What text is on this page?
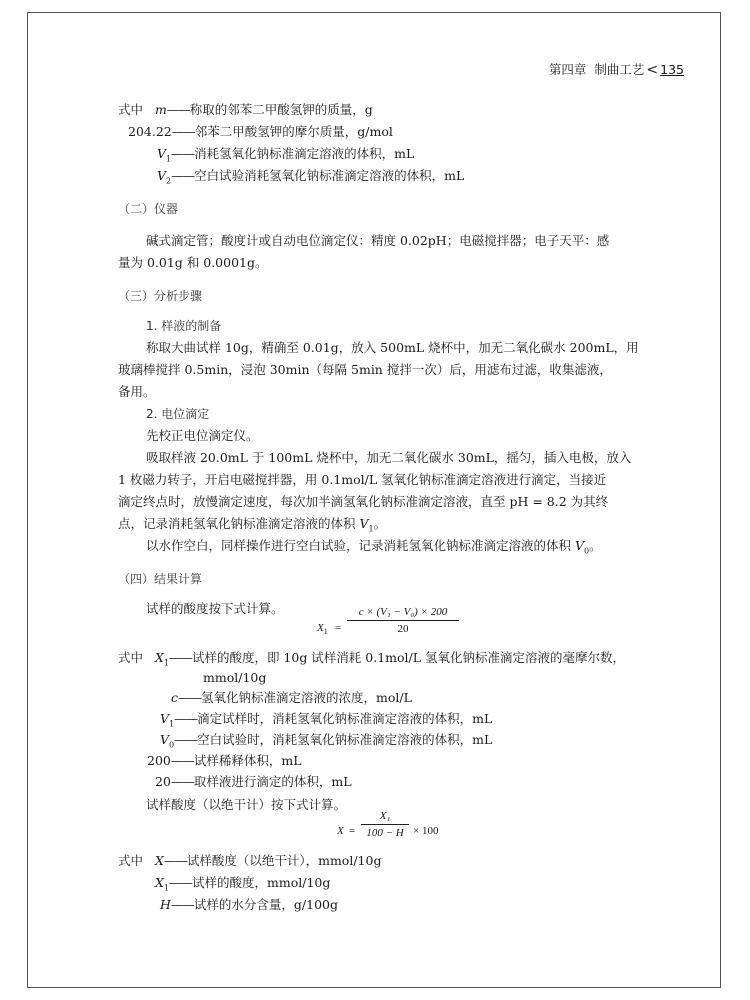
第四章 制曲工艺 < 135
式中 m——称取的邻苯二甲酸氢钾的质量，g
204.22——邻苯二甲酸氢钾的摩尔质量，g/mol
$V_1——$消耗氢氧化钠标准滴定溶液的体积，mL
$V_2——$空白试验消耗氢氧化钠标准滴定溶液的体积，mL
（二）仪器
碱式滴定管；酸度计或自动电位滴定仪：精度 0.02pH；电磁搅拌器；电子天平：感
量为 0.01g 和 0.0001g。
（三）分析步骤
1. 样液的制备
称取大曲试样 10g，精确至 0.01g，放入 500mL 烧杯中，加无二氧化碳水 200mL，用
玻璃棒搅拌 0.5min，浸泡 30min（每隔 5min 搅拌一次）后，用滤布过滤，收集滤液，
备用。
2. 电位滴定
先校正电位滴定仪。
吸取样液 20.0mL 于 100mL 烧杯中，加无二氧化碳水 30mL，摇匀，插入电极，放入
1 枚磁力转子，开启电磁搅拌器，用 0.1mol/L 氢氧化钠标准滴定溶液进行滴定，当接近
滴定终点时，放慢滴定速度，每次加半滴氢氧化钠标准滴定溶液，直至 pH = 8.2 为其终
点，记录消耗氢氧化钠标准滴定溶液的体积 $V_1$。
以水作空白，同样操作进行空白试验，记录消耗氢氧化钠标准滴定溶液的体积 $V_0$。
（四）结果计算
试样的酸度按下式计算。
$X_1 = \frac{\text{c × (V₁ − V₀) × 200}}{20}$
式中 $X_1——$试样的酸度，即 10g 试样消耗 0.1mol/L 氢氧化钠标准滴定溶液的毫摩尔数，
mmol/10g
c——氢氧化钠标准滴定溶液的浓度，mol/L
$V_1——$滴定试样时，消耗氢氧化钠标准滴定溶液的体积，mL
$V_0——$空白试验时，消耗氢氧化钠标准滴定溶液的体积，mL
200——试样稀释体积，mL
20——取样液进行滴定的体积，mL
试样酸度（以绝干计）按下式计算。
$X = \frac{\text{X₁}}{100 - H} \times 100$
式中 X——试样酸度（以绝干计），mmol/10g
$X_1——$试样的酸度，mmol/10g
H——试样的水分含量，g/100g
